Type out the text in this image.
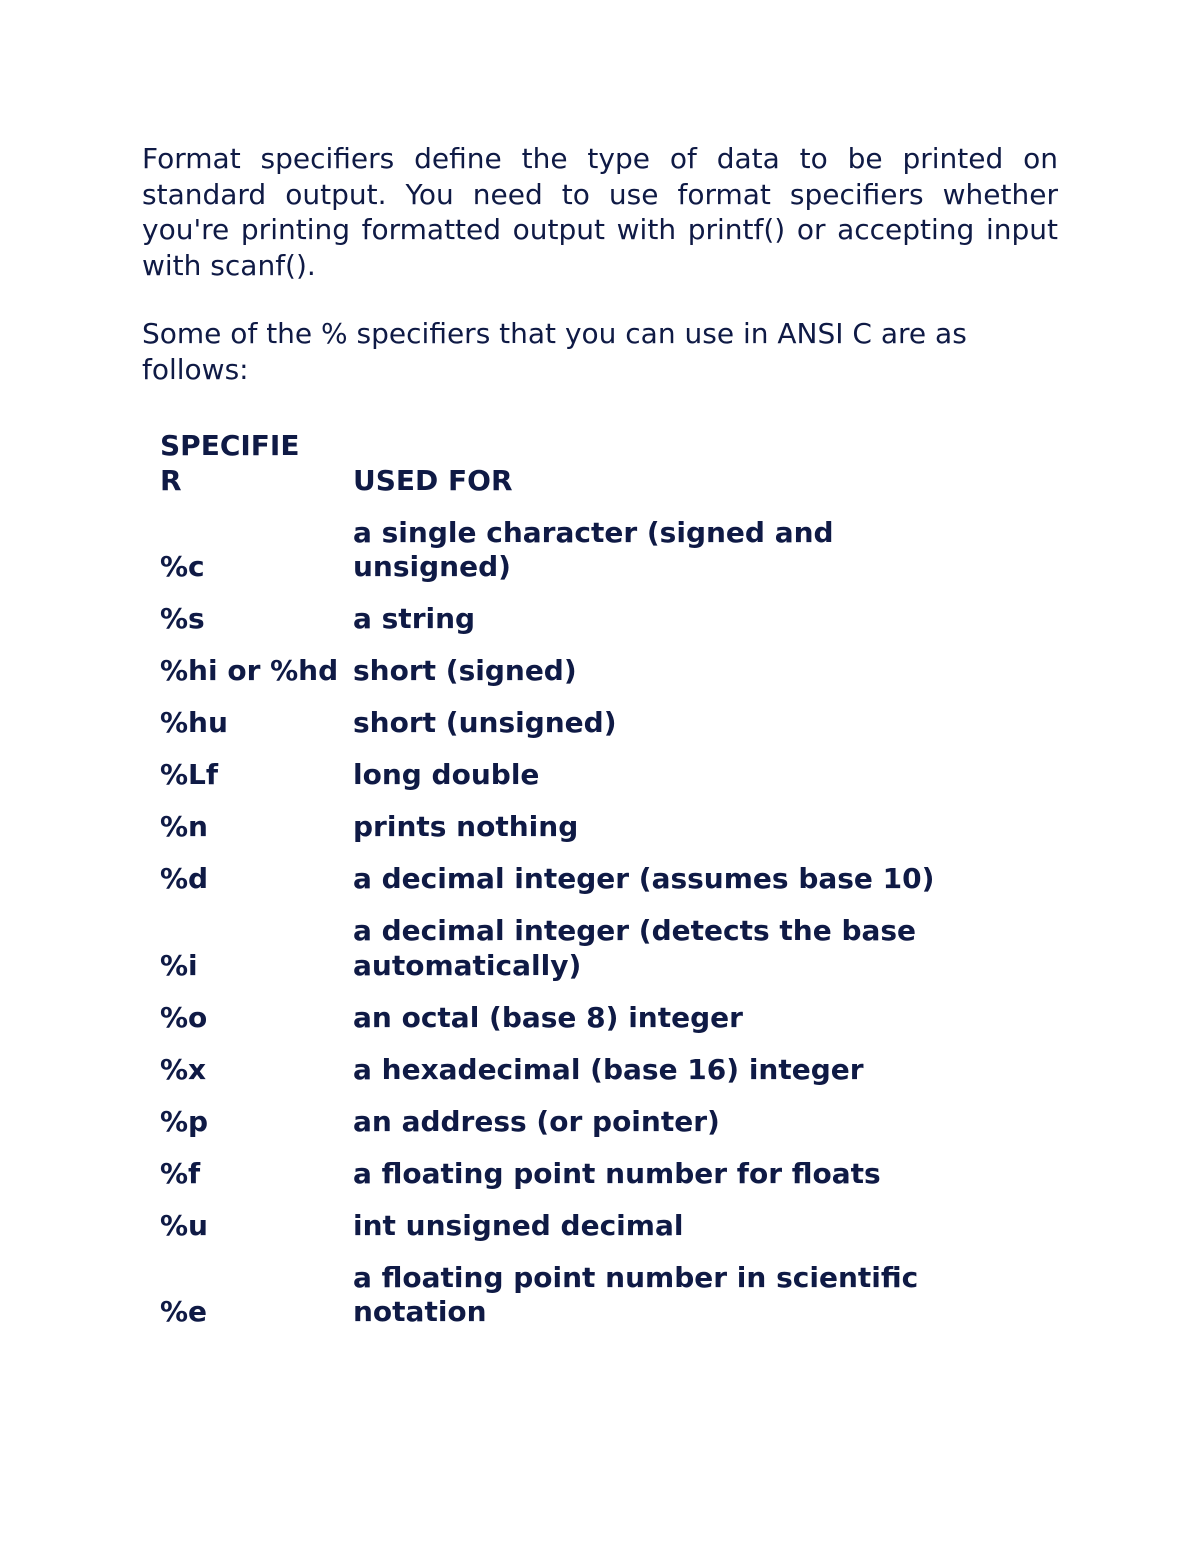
Format specifiers define the type of data to be printed on standard output. You need to use format specifiers whether you're printing formatted output with printf() or accepting input with scanf().

Some of the % specifiers that you can use in ANSI C are as follows:

SPECIFIE
R	USED FOR

%c	a single character (signed and unsigned)

%s	a string

%hi or %hd	short (signed)

%hu	short (unsigned)

%Lf	long double

%n	prints nothing

%d	a decimal integer (assumes base 10)

%i	a decimal integer (detects the base automatically)

%o	an octal (base 8) integer

%x	a hexadecimal (base 16) integer

%p	an address (or pointer)

%f	a floating point number for floats

%u	int unsigned decimal

%e	a floating point number in scientific notation
